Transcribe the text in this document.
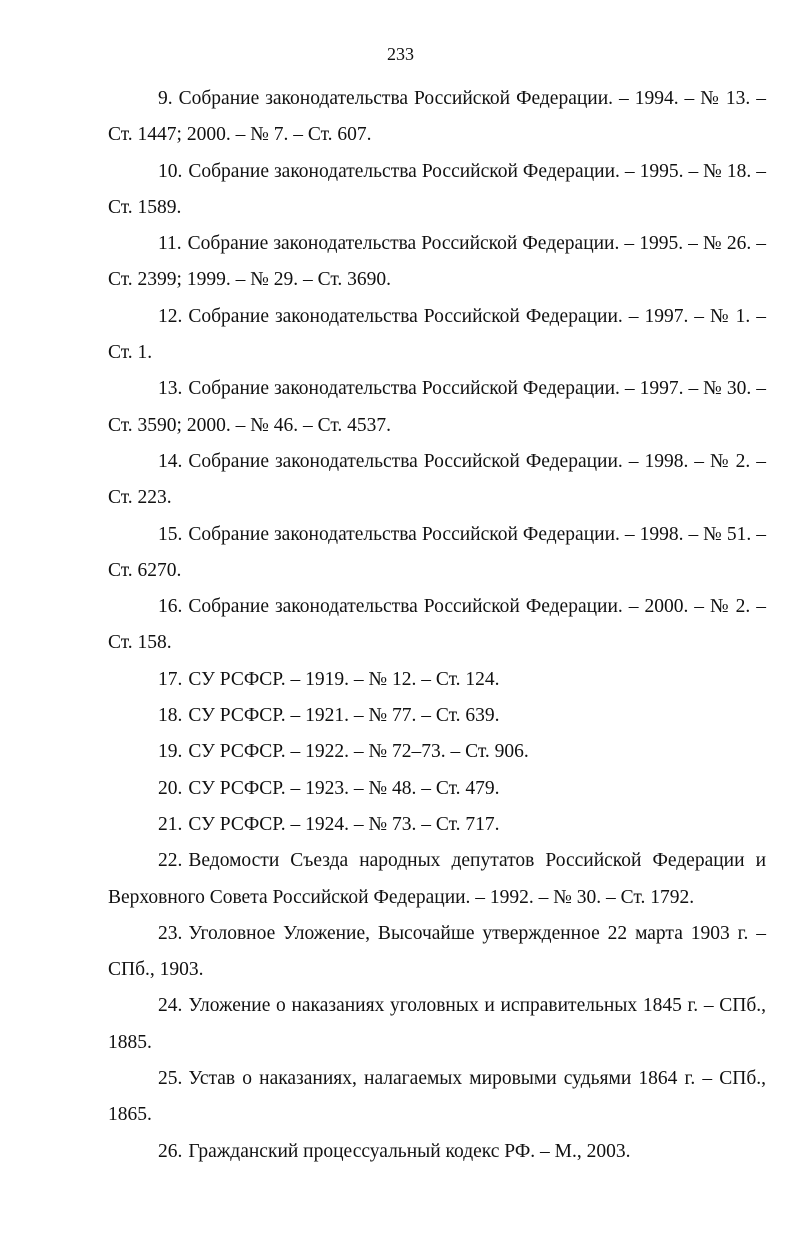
233
9. Собрание законодательства Российской Федерации. – 1994. – № 13. – Ст. 1447; 2000. – № 7. – Ст. 607.
10. Собрание законодательства Российской Федерации. – 1995. – № 18. – Ст. 1589.
11. Собрание законодательства Российской Федерации. – 1995. – № 26. – Ст. 2399; 1999. – № 29. – Ст. 3690.
12. Собрание законодательства Российской Федерации. – 1997. – № 1. – Ст. 1.
13. Собрание законодательства Российской Федерации. – 1997. – № 30. – Ст. 3590; 2000. – № 46. – Ст. 4537.
14. Собрание законодательства Российской Федерации. – 1998. – № 2. – Ст. 223.
15. Собрание законодательства Российской Федерации. – 1998. – № 51. – Ст. 6270.
16. Собрание законодательства Российской Федерации. – 2000. – № 2. – Ст. 158.
17. СУ РСФСР. – 1919. – № 12. – Ст. 124.
18. СУ РСФСР. – 1921. – № 77. – Ст. 639.
19. СУ РСФСР. – 1922. – № 72–73. – Ст. 906.
20. СУ РСФСР. – 1923. – № 48. – Ст. 479.
21. СУ РСФСР. – 1924. – № 73. – Ст. 717.
22. Ведомости Съезда народных депутатов Российской Федерации и Верховного Совета Российской Федерации. – 1992. – № 30. – Ст. 1792.
23. Уголовное Уложение, Высочайше утвержденное 22 марта 1903 г. – СПб., 1903.
24. Уложение о наказаниях уголовных и исправительных 1845 г. – СПб., 1885.
25. Устав о наказаниях, налагаемых мировыми судьями 1864 г. – СПб., 1865.
26. Гражданский процессуальный кодекс РФ. – М., 2003.
